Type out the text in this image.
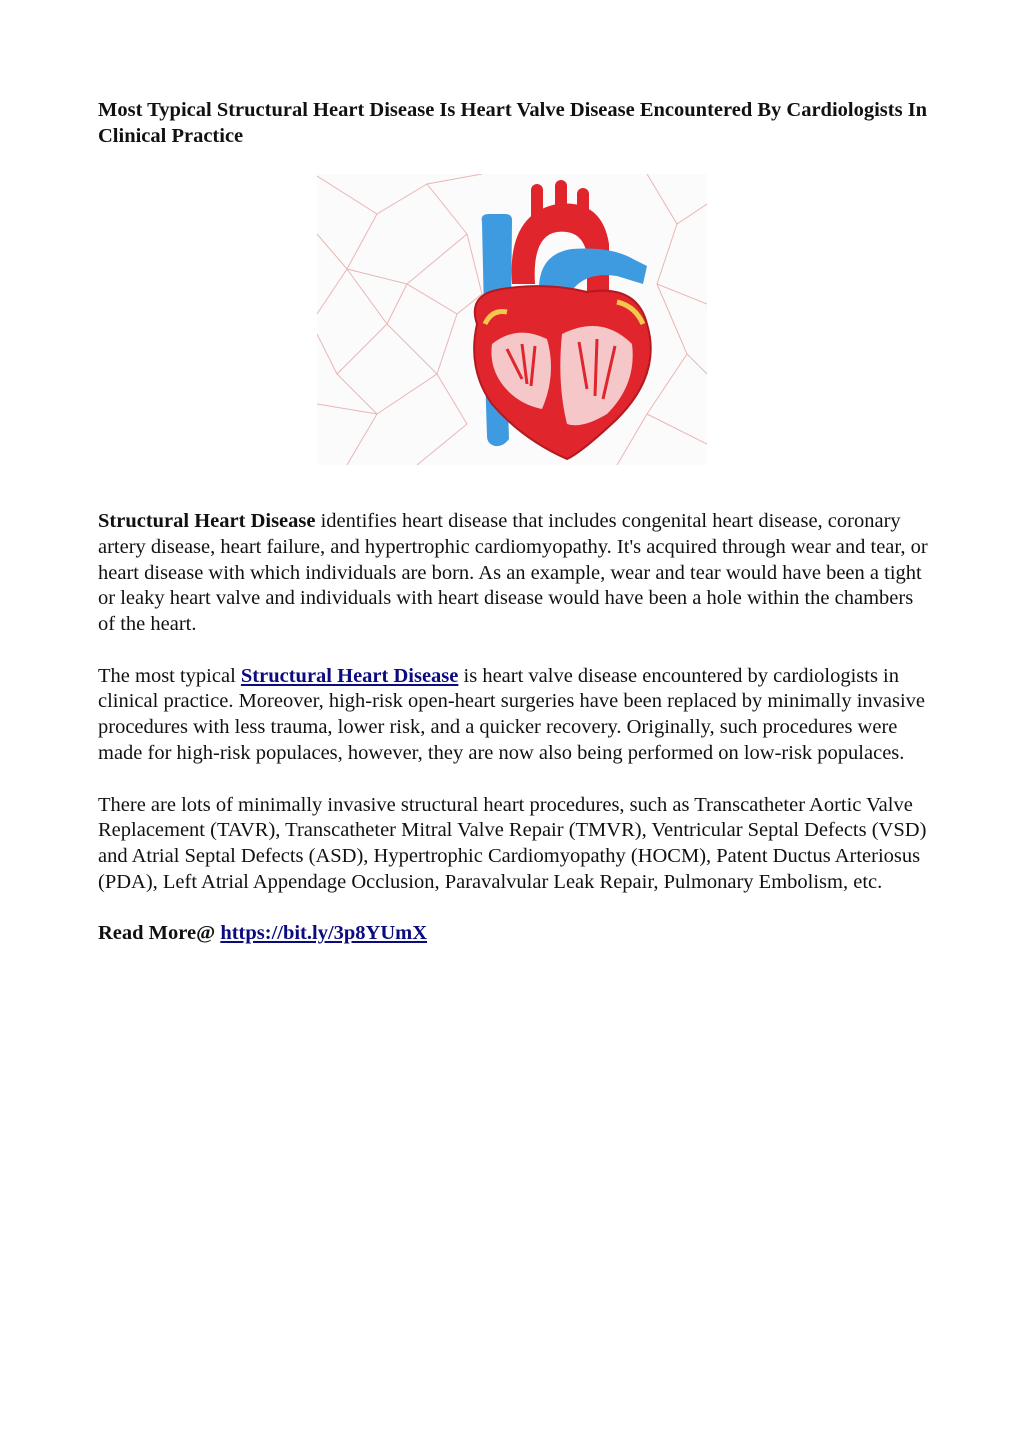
Most Typical Structural Heart Disease Is Heart Valve Disease Encountered By Cardiologists In Clinical Practice

Structural Heart Disease identifies heart disease that includes congenital heart disease, coronary artery disease, heart failure, and hypertrophic cardiomyopathy. It's acquired through wear and tear, or heart disease with which individuals are born. As an example, wear and tear would have been a tight or leaky heart valve and individuals with heart disease would have been a hole within the chambers of the heart.

The most typical Structural Heart Disease is heart valve disease encountered by cardiologists in clinical practice. Moreover, high-risk open-heart surgeries have been replaced by minimally invasive procedures with less trauma, lower risk, and a quicker recovery. Originally, such procedures were made for high-risk populaces, however, they are now also being performed on low-risk populaces.

There are lots of minimally invasive structural heart procedures, such as Transcatheter Aortic Valve Replacement (TAVR), Transcatheter Mitral Valve Repair (TMVR), Ventricular Septal Defects (VSD) and Atrial Septal Defects (ASD), Hypertrophic Cardiomyopathy (HOCM), Patent Ductus Arteriosus (PDA), Left Atrial Appendage Occlusion, Paravalvular Leak Repair, Pulmonary Embolism, etc.

Read More@ https://bit.ly/3p8YUmX
